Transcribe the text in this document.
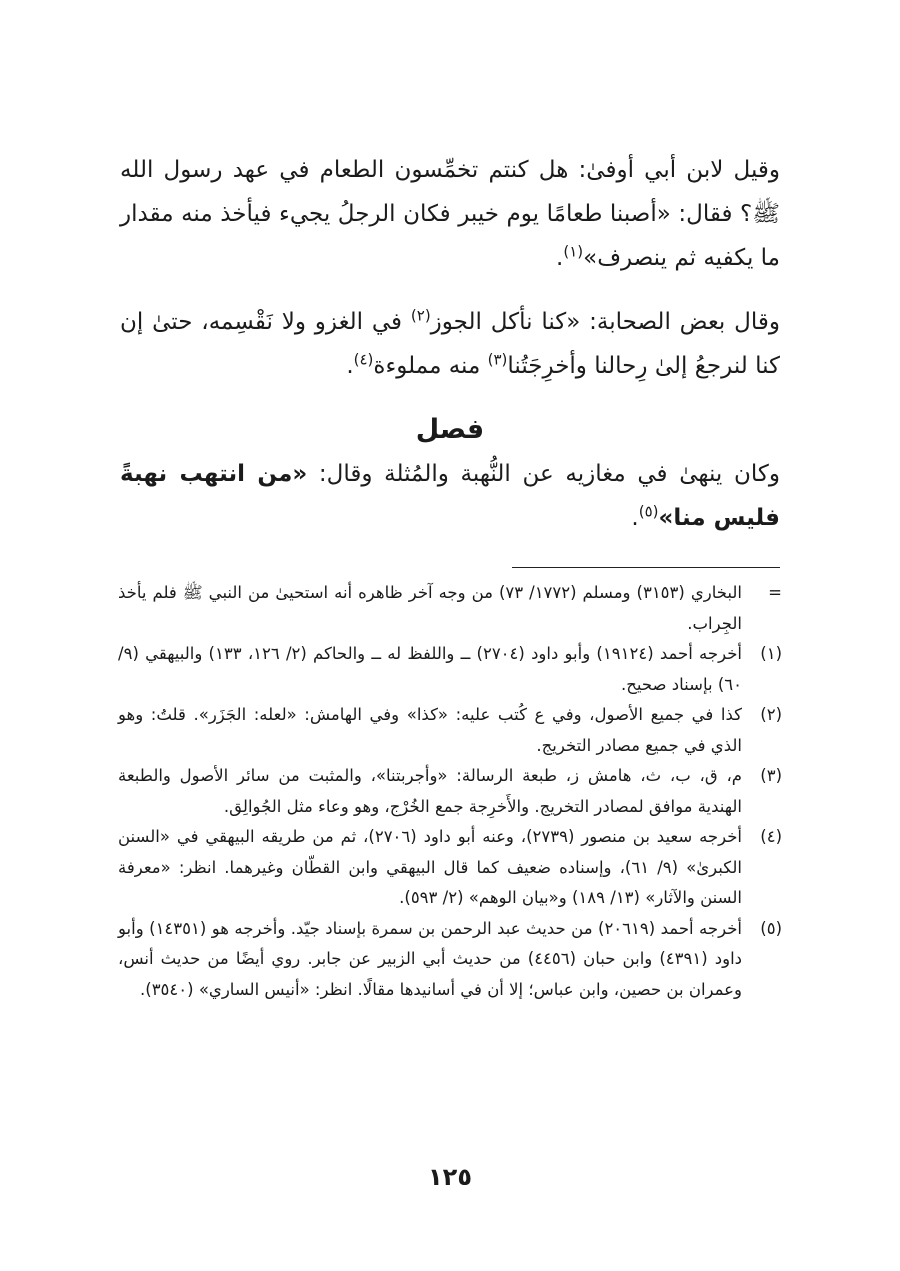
وقيل لابن أبي أوفىٰ: هل كنتم تخمِّسون الطعام في عهد رسول الله ﷺ؟ فقال: «أصبنا طعامًا يوم خيبر فكان الرجلُ يجيء فيأخذ منه مقدار ما يكفيه ثم ينصرف»$^{(١)}$.

وقال بعض الصحابة: «كنا نأكل الجوز$^{(٢)}$ في الغزو ولا نَقْسِمه، حتىٰ إن كنا لنرجعُ إلىٰ رِحالنا وأخرِجَتُنا$^{(٣)}$ منه مملوءة$^{(٤)}$.

فصل

وكان ينهىٰ في مغازيه عن النُّهبة والمُثلة وقال: «من انتهب نهبةً فليس منا»$^{(٥)}$.

=
البخاري (٣١٥٣) ومسلم (١٧٧٢/ ٧٣) من وجه آخر ظاهره أنه استحيىٰ من النبي ﷺ فلم يأخذ الجِراب.

(١)
أخرجه أحمد (١٩١٢٤) وأبو داود (٢٧٠٤) ــ واللفظ له ــ والحاكم (٢/ ١٢٦، ١٣٣) والبيهقي (٩/ ٦٠) بإسناد صحيح.

(٢)
كذا في جميع الأصول، وفي ع كُتب عليه: «كذا» وفي الهامش: «لعله: الجَزَر». قلتُ: وهو الذي في جميع مصادر التخريج.

(٣)
م، ق، ب، ث، هامش ز، طبعة الرسالة: «وأجربتنا»، والمثبت من سائر الأصول والطبعة الهندية موافق لمصادر التخريج. والأَخرِجة جمع الخُرْج، وهو وعاء مثل الجُوالِق.

(٤)
أخرجه سعيد بن منصور (٢٧٣٩)، وعنه أبو داود (٢٧٠٦)، ثم من طريقه البيهقي في «السنن الكبرىٰ» (٩/ ٦١)، وإسناده ضعيف كما قال البيهقي وابن القطّان وغيرهما. انظر: «معرفة السنن والآثار» (١٣/ ١٨٩) و«بيان الوهم» (٢/ ٥٩٣).

(٥)
أخرجه أحمد (٢٠٦١٩) من حديث عبد الرحمن بن سمرة بإسناد جيّد. وأخرجه هو (١٤٣٥١) وأبو داود (٤٣٩١) وابن حبان (٤٤٥٦) من حديث أبي الزبير عن جابر. روي أيضًا من حديث أنس، وعمران بن حصين، وابن عباس؛ إلا أن في أسانيدها مقالًا. انظر: «أنيس الساري» (٣٥٤٠).

١٢٥
